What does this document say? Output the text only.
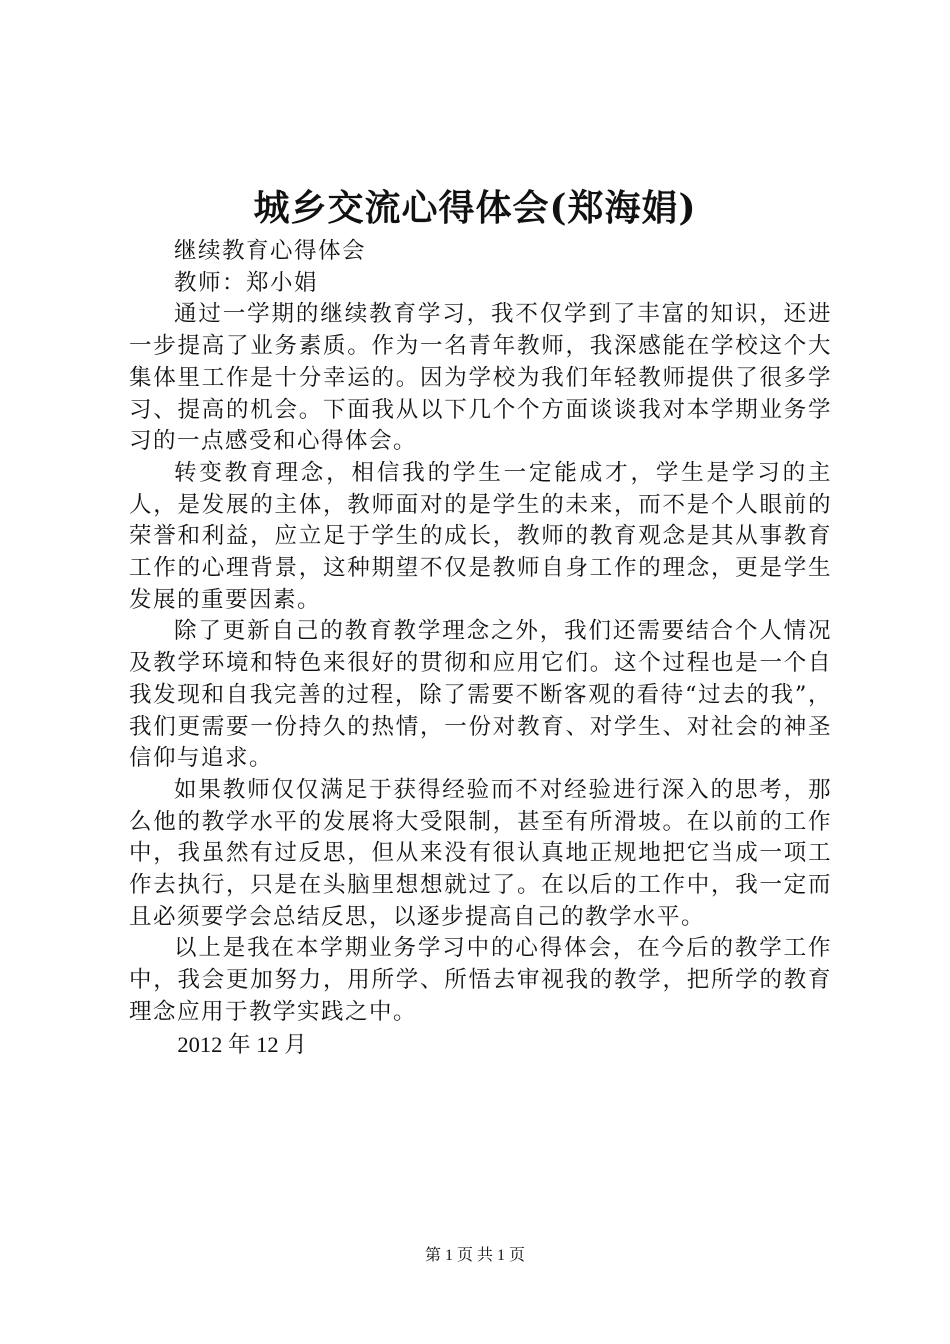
城乡交流心得体会(郑海娟)

继续教育心得体会

教师：郑小娟

通过一学期的继续教育学习，我不仅学到了丰富的知识，还进一步提高了业务素质。作为一名青年教师，我深感能在学校这个大集体里工作是十分幸运的。因为学校为我们年轻教师提供了很多学习、提高的机会。下面我从以下几个个方面谈谈我对本学期业务学习的一点感受和心得体会。

转变教育理念，相信我的学生一定能成才，学生是学习的主人，是发展的主体，教师面对的是学生的未来，而不是个人眼前的荣誉和利益，应立足于学生的成长，教师的教育观念是其从事教育工作的心理背景，这种期望不仅是教师自身工作的理念，更是学生发展的重要因素。

除了更新自己的教育教学理念之外，我们还需要结合个人情况及教学环境和特色来很好的贯彻和应用它们。这个过程也是一个自我发现和自我完善的过程，除了需要不断客观的看待“过去的我”，我们更需要一份持久的热情，一份对教育、对学生、对社会的神圣信仰与追求。

如果教师仅仅满足于获得经验而不对经验进行深入的思考，那么他的教学水平的发展将大受限制，甚至有所滑坡。在以前的工作中，我虽然有过反思，但从来没有很认真地正规地把它当成一项工作去执行，只是在头脑里想想就过了。在以后的工作中，我一定而且必须要学会总结反思，以逐步提高自己的教学水平。

以上是我在本学期业务学习中的心得体会，在今后的教学工作中，我会更加努力，用所学、所悟去审视我的教学，把所学的教育理念应用于教学实践之中。

2012 年 12 月

第 1 页 共 1 页
